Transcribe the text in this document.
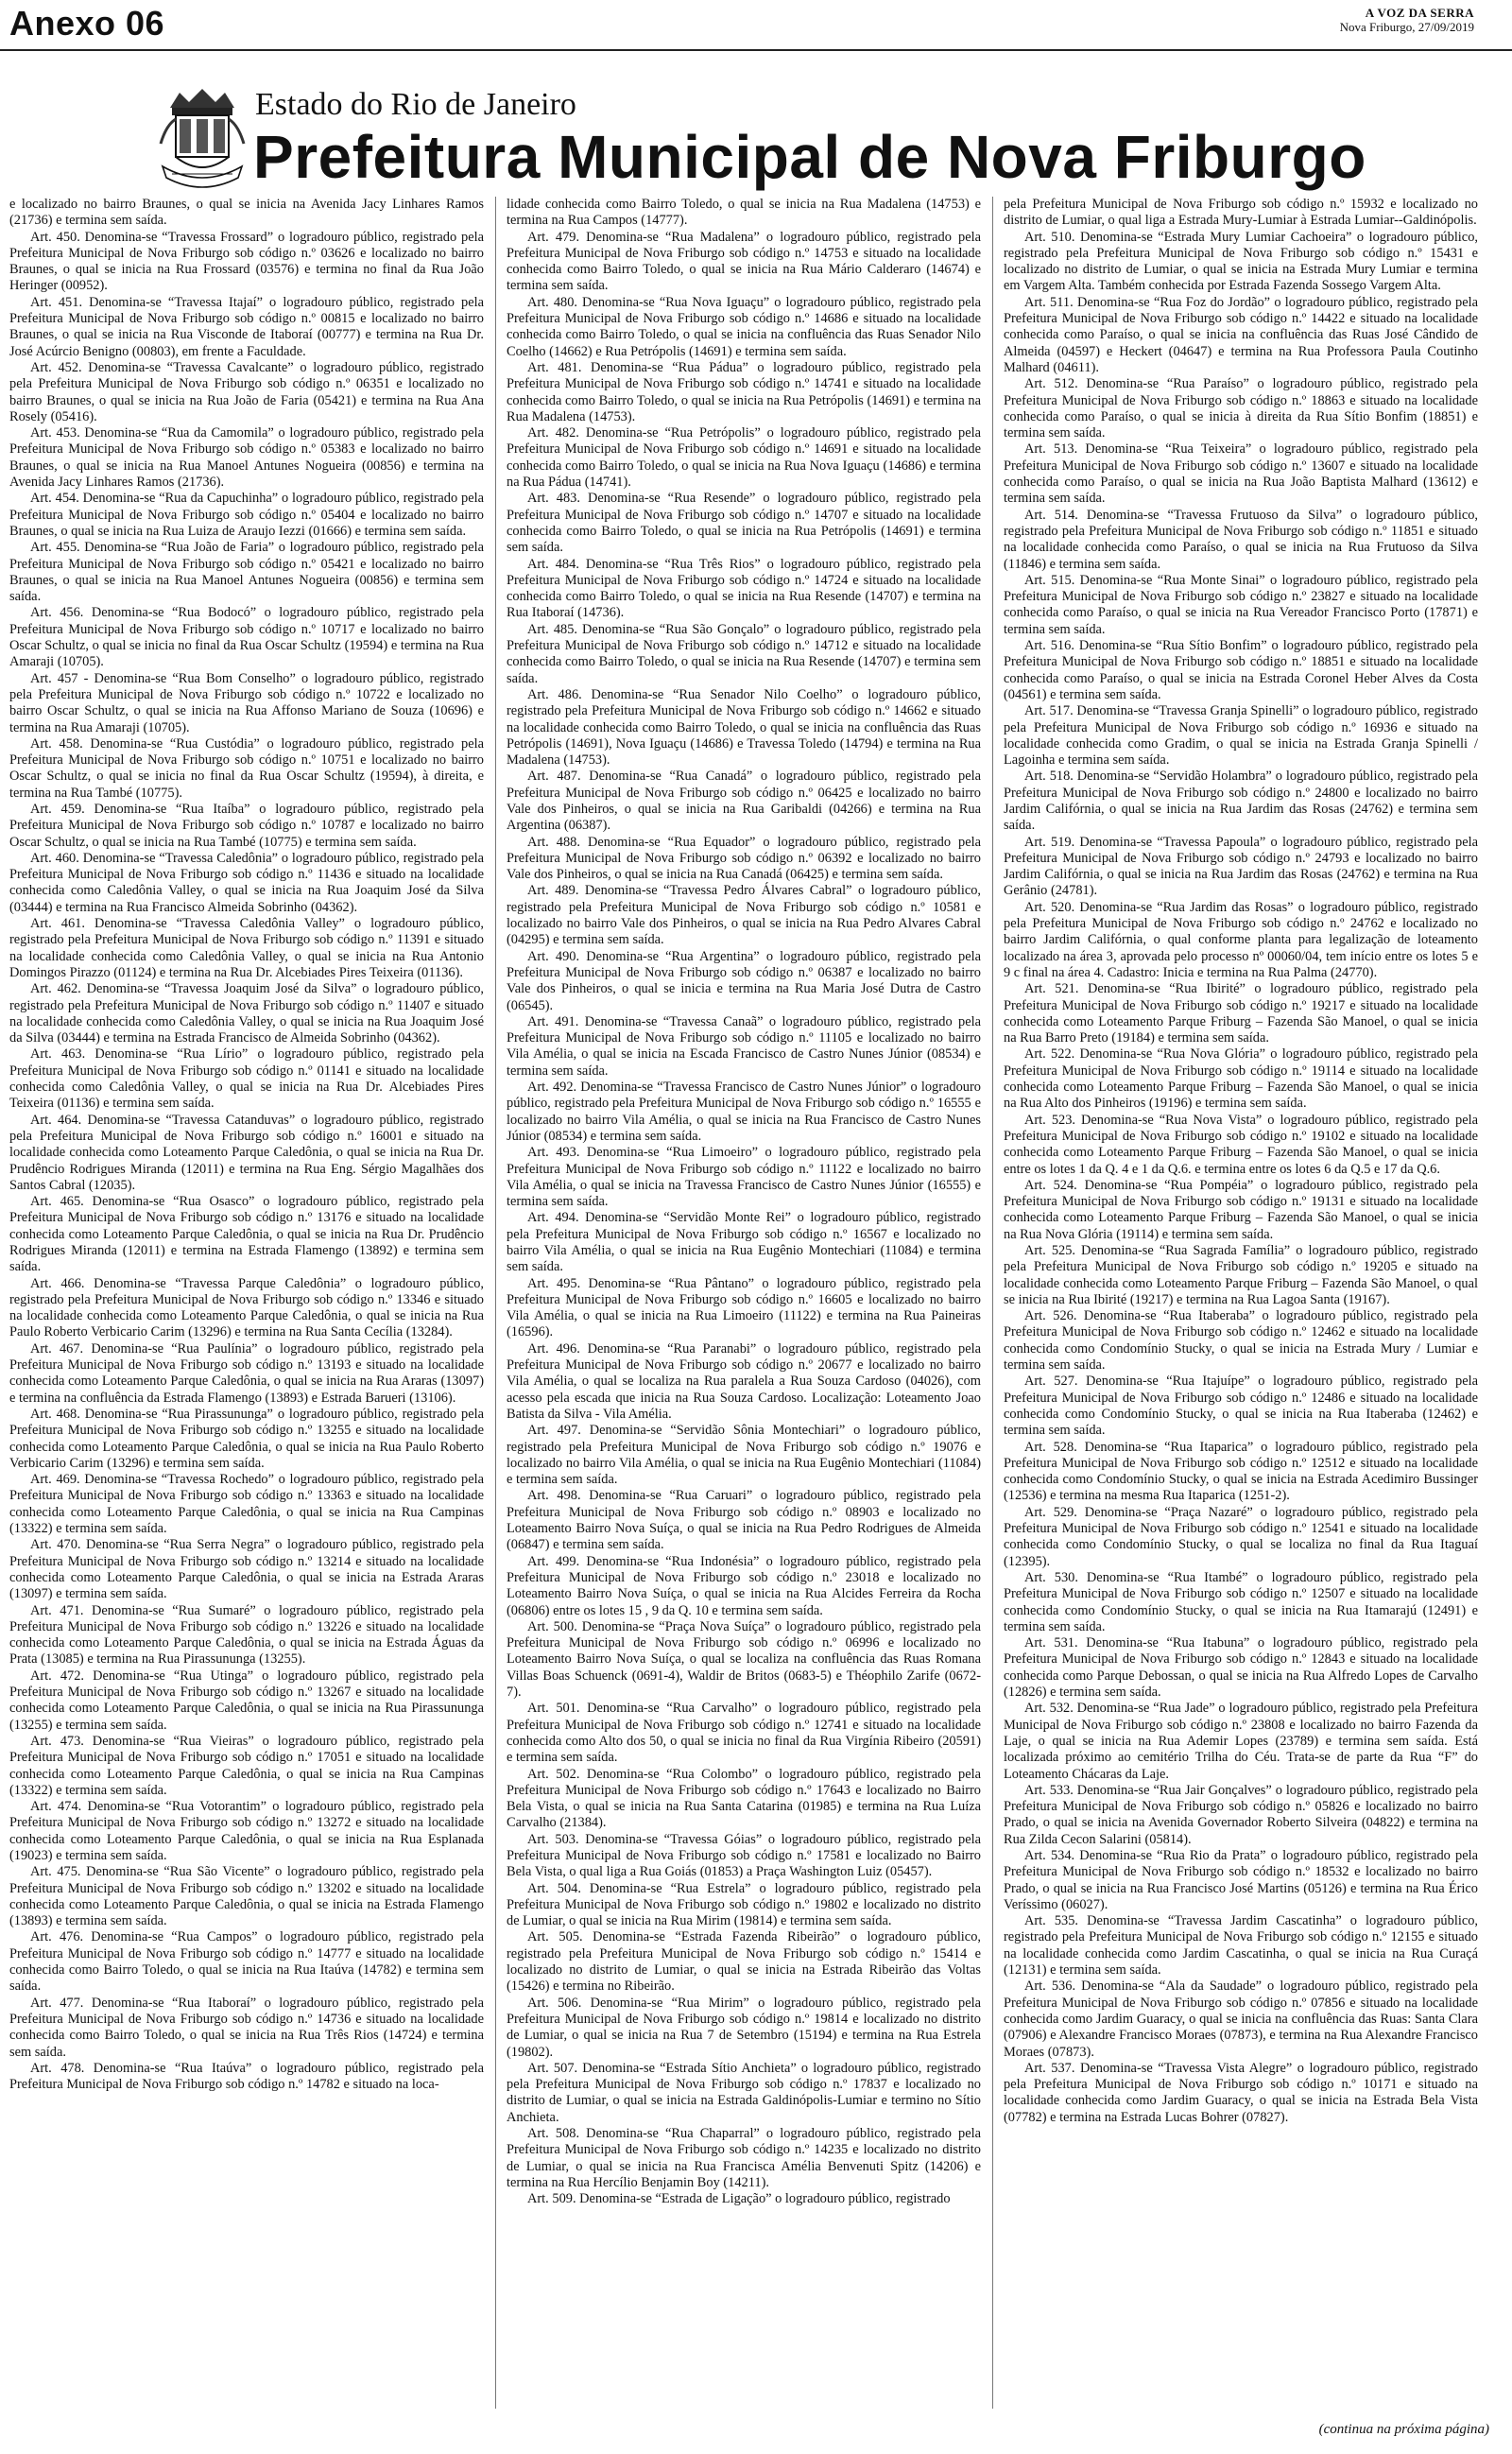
Anexo 06	A VOZ DA SERRA
Nova Friburgo, 27/09/2019
Estado do Rio de Janeiro
Prefeitura Municipal de Nova Friburgo

e localizado no bairro Braunes, o qual se inicia na Avenida Jacy Linhares Ramos (21736) e termina sem saída.

Art. 450. Denomina-se “Travessa Frossard” o logradouro público, registrado pela Prefeitura Municipal de Nova Friburgo sob código n.º 03626 e localizado no bairro Braunes, o qual se inicia na Rua Frossard (03576) e termina no final da Rua João Heringer (00952).

Art. 451. Denomina-se “Travessa Itajaí” o logradouro público, registrado pela Prefeitura Municipal de Nova Friburgo sob código n.º 00815 e localizado no bairro Braunes, o qual se inicia na Rua Visconde de Itaboraí (00777) e termina na Rua Dr. José Acúrcio Benigno (00803), em frente a Faculdade.

Art. 452. Denomina-se “Travessa Cavalcante” o logradouro público, registrado pela Prefeitura Municipal de Nova Friburgo sob código n.º 06351 e localizado no bairro Braunes, o qual se inicia na Rua João de Faria (05421) e termina na Rua Ana Rosely (05416).

Art. 453. Denomina-se “Rua da Camomila” o logradouro público, registrado pela Prefeitura Municipal de Nova Friburgo sob código n.º 05383 e localizado no bairro Braunes, o qual se inicia na Rua Manoel Antunes Nogueira (00856) e termina na Avenida Jacy Linhares Ramos (21736).

Art. 454. Denomina-se “Rua da Capuchinha” o logradouro público, registrado pela Prefeitura Municipal de Nova Friburgo sob código n.º 05404 e localizado no bairro Braunes, o qual se inicia na Rua Luiza de Araujo Iezzi (01666) e termina sem saída.

Art. 455. Denomina-se “Rua João de Faria” o logradouro público, registrado pela Prefeitura Municipal de Nova Friburgo sob código n.º 05421 e localizado no bairro Braunes, o qual se inicia na Rua Manoel Antunes Nogueira (00856) e termina sem saída.

Art. 456. Denomina-se “Rua Bodocó” o logradouro público, registrado pela Prefeitura Municipal de Nova Friburgo sob código n.º 10717 e localizado no bairro Oscar Schultz, o qual se inicia no final da Rua Oscar Schultz (19594) e termina na Rua Amaraji (10705).

Art. 457 - Denomina-se “Rua Bom Conselho” o logradouro público, registrado pela Prefeitura Municipal de Nova Friburgo sob código n.º 10722 e localizado no bairro Oscar Schultz, o qual se inicia na Rua Affonso Mariano de Souza (10696) e termina na Rua Amaraji (10705).

Art. 458. Denomina-se “Rua Custódia” o logradouro público, registrado pela Prefeitura Municipal de Nova Friburgo sob código n.º 10751 e localizado no bairro Oscar Schultz, o qual se inicia no final da Rua Oscar Schultz (19594), à direita, e termina na Rua També (10775).

Art. 459. Denomina-se “Rua Itaíba” o logradouro público, registrado pela Prefeitura Municipal de Nova Friburgo sob código n.º 10787 e localizado no bairro Oscar Schultz, o qual se inicia na Rua També (10775) e termina sem saída.

Art. 460. Denomina-se “Travessa Caledônia” o logradouro público, registrado pela Prefeitura Municipal de Nova Friburgo sob código n.º 11436 e situado na localidade conhecida como Caledônia Valley, o qual se inicia na Rua Joaquim José da Silva (03444) e termina na Rua Francisco Almeida Sobrinho (04362).

Art. 461. Denomina-se “Travessa Caledônia Valley” o logradouro público, registrado pela Prefeitura Municipal de Nova Friburgo sob código n.º 11391 e situado na localidade conhecida como Caledônia Valley, o qual se inicia na Rua Antonio Domingos Pirazzo (01124) e termina na Rua Dr. Alcebiades Pires Teixeira (01136).

Art. 462. Denomina-se “Travessa Joaquim José da Silva” o logradouro público, registrado pela Prefeitura Municipal de Nova Friburgo sob código n.º 11407 e situado na localidade conhecida como Caledônia Valley, o qual se inicia na Rua Joaquim José da Silva (03444) e termina na Estrada Francisco de Almeida Sobrinho (04362).

Art. 463. Denomina-se “Rua Lírio” o logradouro público, registrado pela Prefeitura Municipal de Nova Friburgo sob código n.º 01141 e situado na localidade conhecida como Caledônia Valley, o qual se inicia na Rua Dr. Alcebiades Pires Teixeira (01136) e termina sem saída.

Art. 464. Denomina-se “Travessa Catanduvas” o logradouro público, registrado pela Prefeitura Municipal de Nova Friburgo sob código n.º 16001 e situado na localidade conhecida como Loteamento Parque Caledônia, o qual se inicia na Rua Dr. Prudêncio Rodrigues Miranda (12011) e termina na Rua Eng. Sérgio Magalhães dos Santos Cabral (12035).

Art. 465. Denomina-se “Rua Osasco” o logradouro público, registrado pela Prefeitura Municipal de Nova Friburgo sob código n.º 13176 e situado na localidade conhecida como Loteamento Parque Caledônia, o qual se inicia na Rua Dr. Prudêncio Rodrigues Miranda (12011) e termina na Estrada Flamengo (13892) e termina sem saída.

Art. 466. Denomina-se “Travessa Parque Caledônia” o logradouro público, registrado pela Prefeitura Municipal de Nova Friburgo sob código n.º 13346 e situado na localidade conhecida como Loteamento Parque Caledônia, o qual se inicia na Rua Paulo Roberto Verbicario Carim (13296) e termina na Rua Santa Cecília (13284).

Art. 467. Denomina-se “Rua Paulínia” o logradouro público, registrado pela Prefeitura Municipal de Nova Friburgo sob código n.º 13193 e situado na localidade conhecida como Loteamento Parque Caledônia, o qual se inicia na Rua Araras (13097) e termina na confluência da Estrada Flamengo (13893) e Estrada Barueri (13106).

Art. 468. Denomina-se “Rua Pirassununga” o logradouro público, registrado pela Prefeitura Municipal de Nova Friburgo sob código n.º 13255 e situado na localidade conhecida como Loteamento Parque Caledônia, o qual se inicia na Rua Paulo Roberto Verbicario Carim (13296) e termina sem saída.

Art. 469. Denomina-se “Travessa Rochedo” o logradouro público, registrado pela Prefeitura Municipal de Nova Friburgo sob código n.º 13363 e situado na localidade conhecida como Loteamento Parque Caledônia, o qual se inicia na Rua Campinas (13322) e termina sem saída.

Art. 470. Denomina-se “Rua Serra Negra” o logradouro público, registrado pela Prefeitura Municipal de Nova Friburgo sob código n.º 13214 e situado na localidade conhecida como Loteamento Parque Caledônia, o qual se inicia na Estrada Araras (13097) e termina sem saída.

Art. 471. Denomina-se “Rua Sumaré” o logradouro público, registrado pela Prefeitura Municipal de Nova Friburgo sob código n.º 13226 e situado na localidade conhecida como Loteamento Parque Caledônia, o qual se inicia na Estrada Águas da Prata (13085) e termina na Rua Pirassununga (13255).

Art. 472. Denomina-se “Rua Utinga” o logradouro público, registrado pela Prefeitura Municipal de Nova Friburgo sob código n.º 13267 e situado na localidade conhecida como Loteamento Parque Caledônia, o qual se inicia na Rua Pirassununga (13255) e termina sem saída.

Art. 473. Denomina-se “Rua Vieiras” o logradouro público, registrado pela Prefeitura Municipal de Nova Friburgo sob código n.º 17051 e situado na localidade conhecida como Loteamento Parque Caledônia, o qual se inicia na Rua Campinas (13322) e termina sem saída.

Art. 474. Denomina-se “Rua Votorantim” o logradouro público, registrado pela Prefeitura Municipal de Nova Friburgo sob código n.º 13272 e situado na localidade conhecida como Loteamento Parque Caledônia, o qual se inicia na Rua Esplanada (19023) e termina sem saída.

Art. 475. Denomina-se “Rua São Vicente” o logradouro público, registrado pela Prefeitura Municipal de Nova Friburgo sob código n.º 13202 e situado na localidade conhecida como Loteamento Parque Caledônia, o qual se inicia na Estrada Flamengo (13893) e termina sem saída.

Art. 476. Denomina-se “Rua Campos” o logradouro público, registrado pela Prefeitura Municipal de Nova Friburgo sob código n.º 14777 e situado na localidade conhecida como Bairro Toledo, o qual se inicia na Rua Itaúva (14782) e termina sem saída.

Art. 477. Denomina-se “Rua Itaboraí” o logradouro público, registrado pela Prefeitura Municipal de Nova Friburgo sob código n.º 14736 e situado na localidade conhecida como Bairro Toledo, o qual se inicia na Rua Três Rios (14724) e termina sem saída.

Art. 478. Denomina-se “Rua Itaúva” o logradouro público, registrado pela Prefeitura Municipal de Nova Friburgo sob código n.º 14782 e situado na loca-

lidade conhecida como Bairro Toledo, o qual se inicia na Rua Madalena (14753) e termina na Rua Campos (14777).

Art. 479. Denomina-se “Rua Madalena” o logradouro público, registrado pela Prefeitura Municipal de Nova Friburgo sob código n.º 14753 e situado na localidade conhecida como Bairro Toledo, o qual se inicia na Rua Mário Calderaro (14674) e termina sem saída.

Art. 480. Denomina-se “Rua Nova Iguaçu” o logradouro público, registrado pela Prefeitura Municipal de Nova Friburgo sob código n.º 14686 e situado na localidade conhecida como Bairro Toledo, o qual se inicia na confluência das Ruas Senador Nilo Coelho (14662) e Rua Petrópolis (14691) e termina sem saída.

Art. 481. Denomina-se “Rua Pádua” o logradouro público, registrado pela Prefeitura Municipal de Nova Friburgo sob código n.º 14741 e situado na localidade conhecida como Bairro Toledo, o qual se inicia na Rua Petrópolis (14691) e termina na Rua Madalena (14753).

Art. 482. Denomina-se “Rua Petrópolis” o logradouro público, registrado pela Prefeitura Municipal de Nova Friburgo sob código n.º 14691 e situado na localidade conhecida como Bairro Toledo, o qual se inicia na Rua Nova Iguaçu (14686) e termina na Rua Pádua (14741).

Art. 483. Denomina-se “Rua Resende” o logradouro público, registrado pela Prefeitura Municipal de Nova Friburgo sob código n.º 14707 e situado na localidade conhecida como Bairro Toledo, o qual se inicia na Rua Petrópolis (14691) e termina sem saída.

Art. 484. Denomina-se “Rua Três Rios” o logradouro público, registrado pela Prefeitura Municipal de Nova Friburgo sob código n.º 14724 e situado na localidade conhecida como Bairro Toledo, o qual se inicia na Rua Resende (14707) e termina na Rua Itaboraí (14736).

Art. 485. Denomina-se “Rua São Gonçalo” o logradouro público, registrado pela Prefeitura Municipal de Nova Friburgo sob código n.º 14712 e situado na localidade conhecida como Bairro Toledo, o qual se inicia na Rua Resende (14707) e termina sem saída.

Art. 486. Denomina-se “Rua Senador Nilo Coelho” o logradouro público, registrado pela Prefeitura Municipal de Nova Friburgo sob código n.º 14662 e situado na localidade conhecida como Bairro Toledo, o qual se inicia na confluência das Ruas Petrópolis (14691), Nova Iguaçu (14686) e Travessa Toledo (14794) e termina na Rua Madalena (14753).

Art. 487. Denomina-se “Rua Canadá” o logradouro público, registrado pela Prefeitura Municipal de Nova Friburgo sob código n.º 06425 e localizado no bairro Vale dos Pinheiros, o qual se inicia na Rua Garibaldi (04266) e termina na Rua Argentina (06387).

Art. 488. Denomina-se “Rua Equador” o logradouro público, registrado pela Prefeitura Municipal de Nova Friburgo sob código n.º 06392 e localizado no bairro Vale dos Pinheiros, o qual se inicia na Rua Canadá (06425) e termina sem saída.

Art. 489. Denomina-se “Travessa Pedro Álvares Cabral” o logradouro público, registrado pela Prefeitura Municipal de Nova Friburgo sob código n.º 10581 e localizado no bairro Vale dos Pinheiros, o qual se inicia na Rua Pedro Alvares Cabral (04295) e termina sem saída.

Art. 490. Denomina-se “Rua Argentina” o logradouro público, registrado pela Prefeitura Municipal de Nova Friburgo sob código n.º 06387 e localizado no bairro Vale dos Pinheiros, o qual se inicia e termina na Rua Maria José Dutra de Castro (06545).

Art. 491. Denomina-se “Travessa Canaã” o logradouro público, registrado pela Prefeitura Municipal de Nova Friburgo sob código n.º 11105 e localizado no bairro Vila Amélia, o qual se inicia na Escada Francisco de Castro Nunes Júnior (08534) e termina sem saída.

Art. 492. Denomina-se “Travessa Francisco de Castro Nunes Júnior” o logradouro público, registrado pela Prefeitura Municipal de Nova Friburgo sob código n.º 16555 e localizado no bairro Vila Amélia, o qual se inicia na Rua Francisco de Castro Nunes Júnior (08534) e termina sem saída.

Art. 493. Denomina-se “Rua Limoeiro” o logradouro público, registrado pela Prefeitura Municipal de Nova Friburgo sob código n.º 11122 e localizado no bairro Vila Amélia, o qual se inicia na Travessa Francisco de Castro Nunes Júnior (16555) e termina sem saída.

Art. 494. Denomina-se “Servidão Monte Rei” o logradouro público, registrado pela Prefeitura Municipal de Nova Friburgo sob código n.º 16567 e localizado no bairro Vila Amélia, o qual se inicia na Rua Eugênio Montechiari (11084) e termina sem saída.

Art. 495. Denomina-se “Rua Pântano” o logradouro público, registrado pela Prefeitura Municipal de Nova Friburgo sob código n.º 16605 e localizado no bairro Vila Amélia, o qual se inicia na Rua Limoeiro (11122) e termina na Rua Paineiras (16596).

Art. 496. Denomina-se “Rua Paranabi” o logradouro público, registrado pela Prefeitura Municipal de Nova Friburgo sob código n.º 20677 e localizado no bairro Vila Amélia, o qual se localiza na Rua paralela a Rua Souza Cardoso (04026), com acesso pela escada que inicia na Rua Souza Cardoso. Localização: Loteamento Joao Batista da Silva - Vila Amélia.

Art. 497. Denomina-se “Servidão Sônia Montechiari” o logradouro público, registrado pela Prefeitura Municipal de Nova Friburgo sob código n.º 19076 e localizado no bairro Vila Amélia, o qual se inicia na Rua Eugênio Montechiari (11084) e termina sem saída.

Art. 498. Denomina-se “Rua Caruari” o logradouro público, registrado pela Prefeitura Municipal de Nova Friburgo sob código n.º 08903 e localizado no Loteamento Bairro Nova Suíça, o qual se inicia na Rua Pedro Rodrigues de Almeida (06847) e termina sem saída.

Art. 499. Denomina-se “Rua Indonésia” o logradouro público, registrado pela Prefeitura Municipal de Nova Friburgo sob código n.º 23018 e localizado no Loteamento Bairro Nova Suíça, o qual se inicia na Rua Alcides Ferreira da Rocha (06806) entre os lotes 15 , 9 da Q. 10 e termina sem saída.

Art. 500. Denomina-se “Praça Nova Suíça” o logradouro público, registrado pela Prefeitura Municipal de Nova Friburgo sob código n.º 06996 e localizado no Loteamento Bairro Nova Suíça, o qual se localiza na confluência das Ruas Romana Villas Boas Schuenck (0691-4), Waldir de Britos (0683-5) e Théophilo Zarife (0672-7).

Art. 501. Denomina-se “Rua Carvalho” o logradouro público, registrado pela Prefeitura Municipal de Nova Friburgo sob código n.º 12741 e situado na localidade conhecida como Alto dos 50, o qual se inicia no final da Rua Virgínia Ribeiro (20591) e termina sem saída.

Art. 502. Denomina-se “Rua Colombo” o logradouro público, registrado pela Prefeitura Municipal de Nova Friburgo sob código n.º 17643 e localizado no Bairro Bela Vista, o qual se inicia na Rua Santa Catarina (01985) e termina na Rua Luíza Carvalho (21384).

Art. 503. Denomina-se “Travessa Góias” o logradouro público, registrado pela Prefeitura Municipal de Nova Friburgo sob código n.º 17581 e localizado no Bairro Bela Vista, o qual liga a Rua Goiás (01853) a Praça Washington Luiz (05457).

Art. 504. Denomina-se “Rua Estrela” o logradouro público, registrado pela Prefeitura Municipal de Nova Friburgo sob código n.º 19802 e localizado no distrito de Lumiar, o qual se inicia na Rua Mirim (19814) e termina sem saída.

Art. 505. Denomina-se “Estrada Fazenda Ribeirão” o logradouro público, registrado pela Prefeitura Municipal de Nova Friburgo sob código n.º 15414 e localizado no distrito de Lumiar, o qual se inicia na Estrada Ribeirão das Voltas (15426) e termina no Ribeirão.

Art. 506. Denomina-se “Rua Mirim” o logradouro público, registrado pela Prefeitura Municipal de Nova Friburgo sob código n.º 19814 e localizado no distrito de Lumiar, o qual se inicia na Rua 7 de Setembro (15194) e termina na Rua Estrela (19802).

Art. 507. Denomina-se “Estrada Sítio Anchieta” o logradouro público, registrado pela Prefeitura Municipal de Nova Friburgo sob código n.º 17837 e localizado no distrito de Lumiar, o qual se inicia na Estrada Galdinópolis-Lumiar e termino no Sítio Anchieta.

Art. 508. Denomina-se “Rua Chaparral” o logradouro público, registrado pela Prefeitura Municipal de Nova Friburgo sob código n.º 14235 e localizado no distrito de Lumiar, o qual se inicia na Rua Francisca Amélia Benvenuti Spitz (14206) e termina na Rua Hercílio Benjamin Boy (14211).

Art. 509. Denomina-se “Estrada de Ligação” o logradouro público, registrado

pela Prefeitura Municipal de Nova Friburgo sob código n.º 15932 e localizado no distrito de Lumiar, o qual liga a Estrada Mury-Lumiar à Estrada Lumiar--Galdinópolis.

Art. 510. Denomina-se “Estrada Mury Lumiar Cachoeira” o logradouro público, registrado pela Prefeitura Municipal de Nova Friburgo sob código n.º 15431 e localizado no distrito de Lumiar, o qual se inicia na Estrada Mury Lumiar e termina em Vargem Alta. Também conhecida por Estrada Fazenda Sossego Vargem Alta.

Art. 511. Denomina-se “Rua Foz do Jordão” o logradouro público, registrado pela Prefeitura Municipal de Nova Friburgo sob código n.º 14422 e situado na localidade conhecida como Paraíso, o qual se inicia na confluência das Ruas José Cândido de Almeida (04597) e Heckert (04647) e termina na Rua Professora Paula Coutinho Malhard (04611).

Art. 512. Denomina-se “Rua Paraíso” o logradouro público, registrado pela Prefeitura Municipal de Nova Friburgo sob código n.º 18863 e situado na localidade conhecida como Paraíso, o qual se inicia à direita da Rua Sítio Bonfim (18851) e termina sem saída.

Art. 513. Denomina-se “Rua Teixeira” o logradouro público, registrado pela Prefeitura Municipal de Nova Friburgo sob código n.º 13607 e situado na localidade conhecida como Paraíso, o qual se inicia na Rua João Baptista Malhard (13612) e termina sem saída.

Art. 514. Denomina-se “Travessa Frutuoso da Silva” o logradouro público, registrado pela Prefeitura Municipal de Nova Friburgo sob código n.º 11851 e situado na localidade conhecida como Paraíso, o qual se inicia na Rua Frutuoso da Silva (11846) e termina sem saída.

Art. 515. Denomina-se “Rua Monte Sinai” o logradouro público, registrado pela Prefeitura Municipal de Nova Friburgo sob código n.º 23827 e situado na localidade conhecida como Paraíso, o qual se inicia na Rua Vereador Francisco Porto (17871) e termina sem saída.

Art. 516. Denomina-se “Rua Sítio Bonfim” o logradouro público, registrado pela Prefeitura Municipal de Nova Friburgo sob código n.º 18851 e situado na localidade conhecida como Paraíso, o qual se inicia na Estrada Coronel Heber Alves da Costa (04561) e termina sem saída.

Art. 517. Denomina-se “Travessa Granja Spinelli” o logradouro público, registrado pela Prefeitura Municipal de Nova Friburgo sob código n.º 16936 e situado na localidade conhecida como Gradim, o qual se inicia na Estrada Granja Spinelli / Lagoinha e termina sem saída.

Art. 518. Denomina-se “Servidão Holambra” o logradouro público, registrado pela Prefeitura Municipal de Nova Friburgo sob código n.º 24800 e localizado no bairro Jardim Califórnia, o qual se inicia na Rua Jardim das Rosas (24762) e termina sem saída.

Art. 519. Denomina-se “Travessa Papoula” o logradouro público, registrado pela Prefeitura Municipal de Nova Friburgo sob código n.º 24793 e localizado no bairro Jardim Califórnia, o qual se inicia na Rua Jardim das Rosas (24762) e termina na Rua Gerânio (24781).

Art. 520. Denomina-se “Rua Jardim das Rosas” o logradouro público, registrado pela Prefeitura Municipal de Nova Friburgo sob código n.º 24762 e localizado no bairro Jardim Califórnia, o qual conforme planta para legalização de loteamento localizado na área 3, aprovada pelo processo nº 00060/04, tem início entre os lotes 5 e 9 c final na área 4. Cadastro: Inicia e termina na Rua Palma (24770).

Art. 521. Denomina-se “Rua Ibirité” o logradouro público, registrado pela Prefeitura Municipal de Nova Friburgo sob código n.º 19217 e situado na localidade conhecida como Loteamento Parque Friburg – Fazenda São Manoel, o qual se inicia na Rua Barro Preto (19184) e termina sem saída.

Art. 522. Denomina-se “Rua Nova Glória” o logradouro público, registrado pela Prefeitura Municipal de Nova Friburgo sob código n.º 19114 e situado na localidade conhecida como Loteamento Parque Friburg – Fazenda São Manoel, o qual se inicia na Rua Alto dos Pinheiros (19196) e termina sem saída.

Art. 523. Denomina-se “Rua Nova Vista” o logradouro público, registrado pela Prefeitura Municipal de Nova Friburgo sob código n.º 19102 e situado na localidade conhecida como Loteamento Parque Friburg – Fazenda São Manoel, o qual se inicia entre os lotes 1 da Q. 4 e 1 da Q.6. e termina entre os lotes 6 da Q.5 e 17 da Q.6.

Art. 524. Denomina-se “Rua Pompéia” o logradouro público, registrado pela Prefeitura Municipal de Nova Friburgo sob código n.º 19131 e situado na localidade conhecida como Loteamento Parque Friburg – Fazenda São Manoel, o qual se inicia na Rua Nova Glória (19114) e termina sem saída.

Art. 525. Denomina-se “Rua Sagrada Família” o logradouro público, registrado pela Prefeitura Municipal de Nova Friburgo sob código n.º 19205 e situado na localidade conhecida como Loteamento Parque Friburg – Fazenda São Manoel, o qual se inicia na Rua Ibirité (19217) e termina na Rua Lagoa Santa (19167).

Art. 526. Denomina-se “Rua Itaberaba” o logradouro público, registrado pela Prefeitura Municipal de Nova Friburgo sob código n.º 12462 e situado na localidade conhecida como Condomínio Stucky, o qual se inicia na Estrada Mury / Lumiar e termina sem saída.

Art. 527. Denomina-se “Rua Itajuípe” o logradouro público, registrado pela Prefeitura Municipal de Nova Friburgo sob código n.º 12486 e situado na localidade conhecida como Condomínio Stucky, o qual se inicia na Rua Itaberaba (12462) e termina sem saída.

Art. 528. Denomina-se “Rua Itaparica” o logradouro público, registrado pela Prefeitura Municipal de Nova Friburgo sob código n.º 12512 e situado na localidade conhecida como Condomínio Stucky, o qual se inicia na Estrada Acedimiro Bussinger (12536) e termina na mesma Rua Itaparica (1251-2).

Art. 529. Denomina-se “Praça Nazaré” o logradouro público, registrado pela Prefeitura Municipal de Nova Friburgo sob código n.º 12541 e situado na localidade conhecida como Condomínio Stucky, o qual se localiza no final da Rua Itaguaí (12395).

Art. 530. Denomina-se “Rua Itambé” o logradouro público, registrado pela Prefeitura Municipal de Nova Friburgo sob código n.º 12507 e situado na localidade conhecida como Condomínio Stucky, o qual se inicia na Rua Itamarajú (12491) e termina sem saída.

Art. 531. Denomina-se “Rua Itabuna” o logradouro público, registrado pela Prefeitura Municipal de Nova Friburgo sob código n.º 12843 e situado na localidade conhecida como Parque Debossan, o qual se inicia na Rua Alfredo Lopes de Carvalho (12826) e termina sem saída.

Art. 532. Denomina-se “Rua Jade” o logradouro público, registrado pela Prefeitura Municipal de Nova Friburgo sob código n.º 23808 e localizado no bairro Fazenda da Laje, o qual se inicia na Rua Ademir Lopes (23789) e termina sem saída. Está localizada próximo ao cemitério Trilha do Céu. Trata-se de parte da Rua “F” do Loteamento Chácaras da Laje.

Art. 533. Denomina-se “Rua Jair Gonçalves” o logradouro público, registrado pela Prefeitura Municipal de Nova Friburgo sob código n.º 05826 e localizado no bairro Prado, o qual se inicia na Avenida Governador Roberto Silveira (04822) e termina na Rua Zilda Cecon Salarini (05814).

Art. 534. Denomina-se “Rua Rio da Prata” o logradouro público, registrado pela Prefeitura Municipal de Nova Friburgo sob código n.º 18532 e localizado no bairro Prado, o qual se inicia na Rua Francisco José Martins (05126) e termina na Rua Érico Veríssimo (06027).

Art. 535. Denomina-se “Travessa Jardim Cascatinha” o logradouro público, registrado pela Prefeitura Municipal de Nova Friburgo sob código n.º 12155 e situado na localidade conhecida como Jardim Cascatinha, o qual se inicia na Rua Curaçá (12131) e termina sem saída.

Art. 536. Denomina-se “Ala da Saudade” o logradouro público, registrado pela Prefeitura Municipal de Nova Friburgo sob código n.º 07856 e situado na localidade conhecida como Jardim Guaracy, o qual se inicia na confluência das Ruas: Santa Clara (07906) e Alexandre Francisco Moraes (07873), e termina na Rua Alexandre Francisco Moraes (07873).

Art. 537. Denomina-se “Travessa Vista Alegre” o logradouro público, registrado pela Prefeitura Municipal de Nova Friburgo sob código n.º 10171 e situado na localidade conhecida como Jardim Guaracy, o qual se inicia na Estrada Bela Vista (07782) e termina na Estrada Lucas Bohrer (07827).

(continua na próxima página)
